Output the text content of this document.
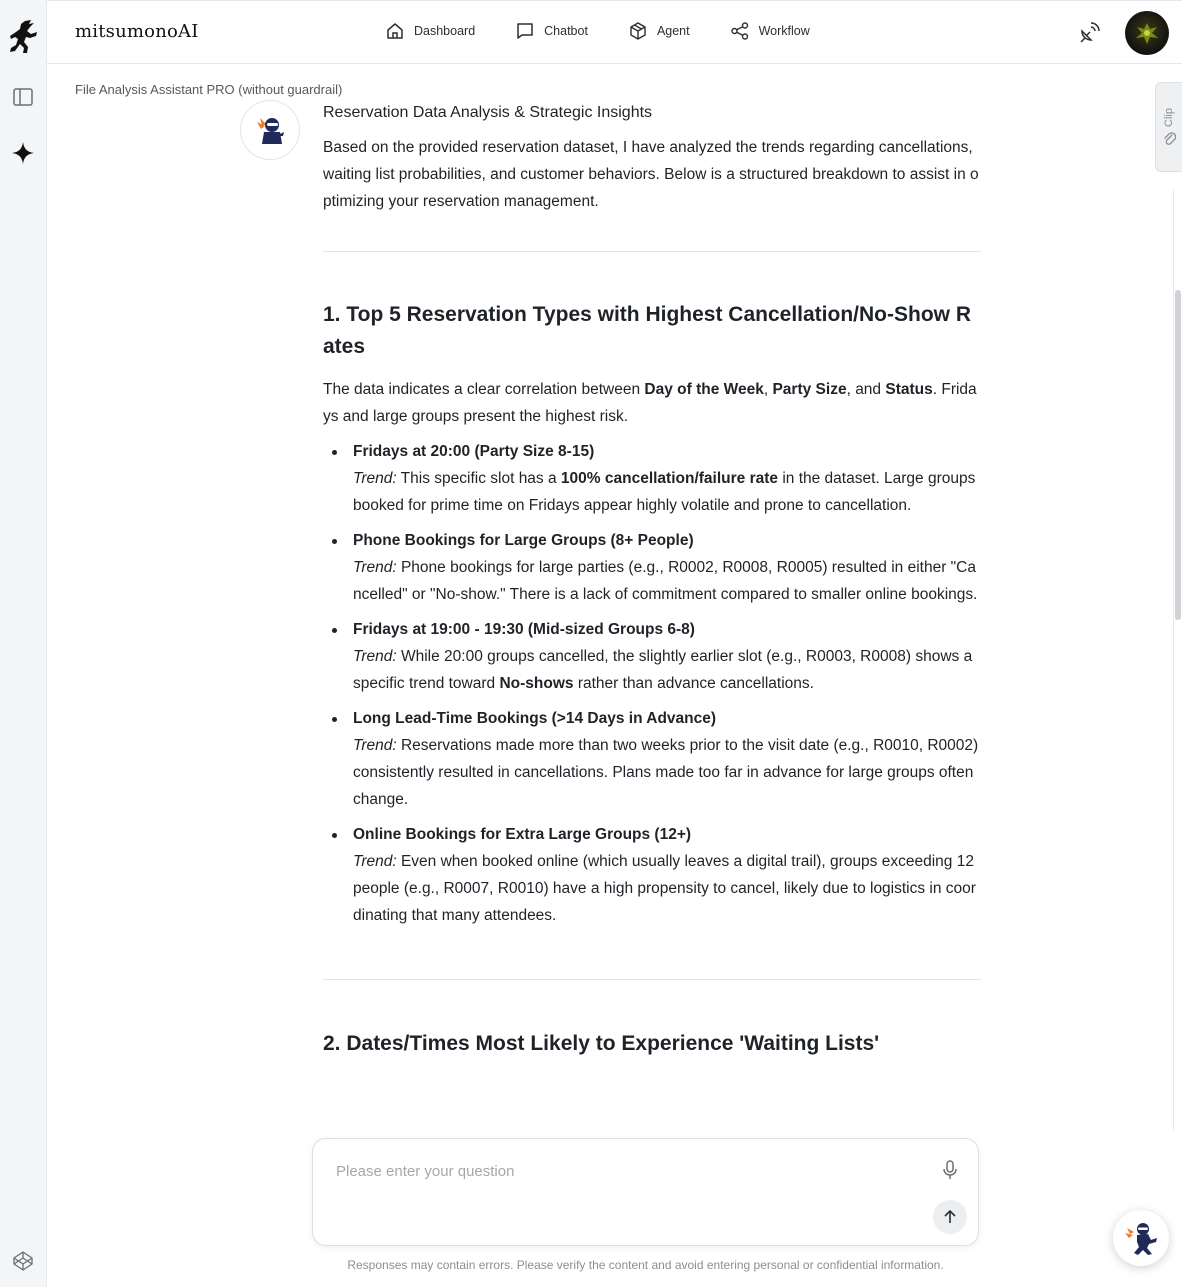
mitsumonoAI	Dashboard	Chatbot	Agent	Workflow
File Analysis Assistant PRO (without guardrail)
Reservation Data Analysis & Strategic Insights

Based on the provided reservation dataset, I have analyzed the trends regarding cancellations, waiting list probabilities, and customer behaviors. Below is a structured breakdown to assist in optimizing your reservation management.

1. Top 5 Reservation Types with Highest Cancellation/No-Show Rates

The data indicates a clear correlation between Day of the Week, Party Size, and Status. Fridays and large groups present the highest risk.

Fridays at 20:00 (Party Size 8-15)
Trend: This specific slot has a 100% cancellation/failure rate in the dataset. Large groups booked for prime time on Fridays appear highly volatile and prone to cancellation.
Phone Bookings for Large Groups (8+ People)
Trend: Phone bookings for large parties (e.g., R0002, R0008, R0005) resulted in either "Cancelled" or "No-show." There is a lack of commitment compared to smaller online bookings.
Fridays at 19:00 - 19:30 (Mid-sized Groups 6-8)
Trend: While 20:00 groups cancelled, the slightly earlier slot (e.g., R0003, R0008) shows a specific trend toward No-shows rather than advance cancellations.
Long Lead-Time Bookings (>14 Days in Advance)
Trend: Reservations made more than two weeks prior to the visit date (e.g., R0010, R0002) consistently resulted in cancellations. Plans made too far in advance for large groups often change.
Online Bookings for Extra Large Groups (12+)
Trend: Even when booked online (which usually leaves a digital trail), groups exceeding 12 people (e.g., R0007, R0010) have a high propensity to cancel, likely due to logistics in coordinating that many attendees.
2. Dates/Times Most Likely to Experience 'Waiting Lists'
Clip
Please enter your question
Responses may contain errors. Please verify the content and avoid entering personal or confidential information.
